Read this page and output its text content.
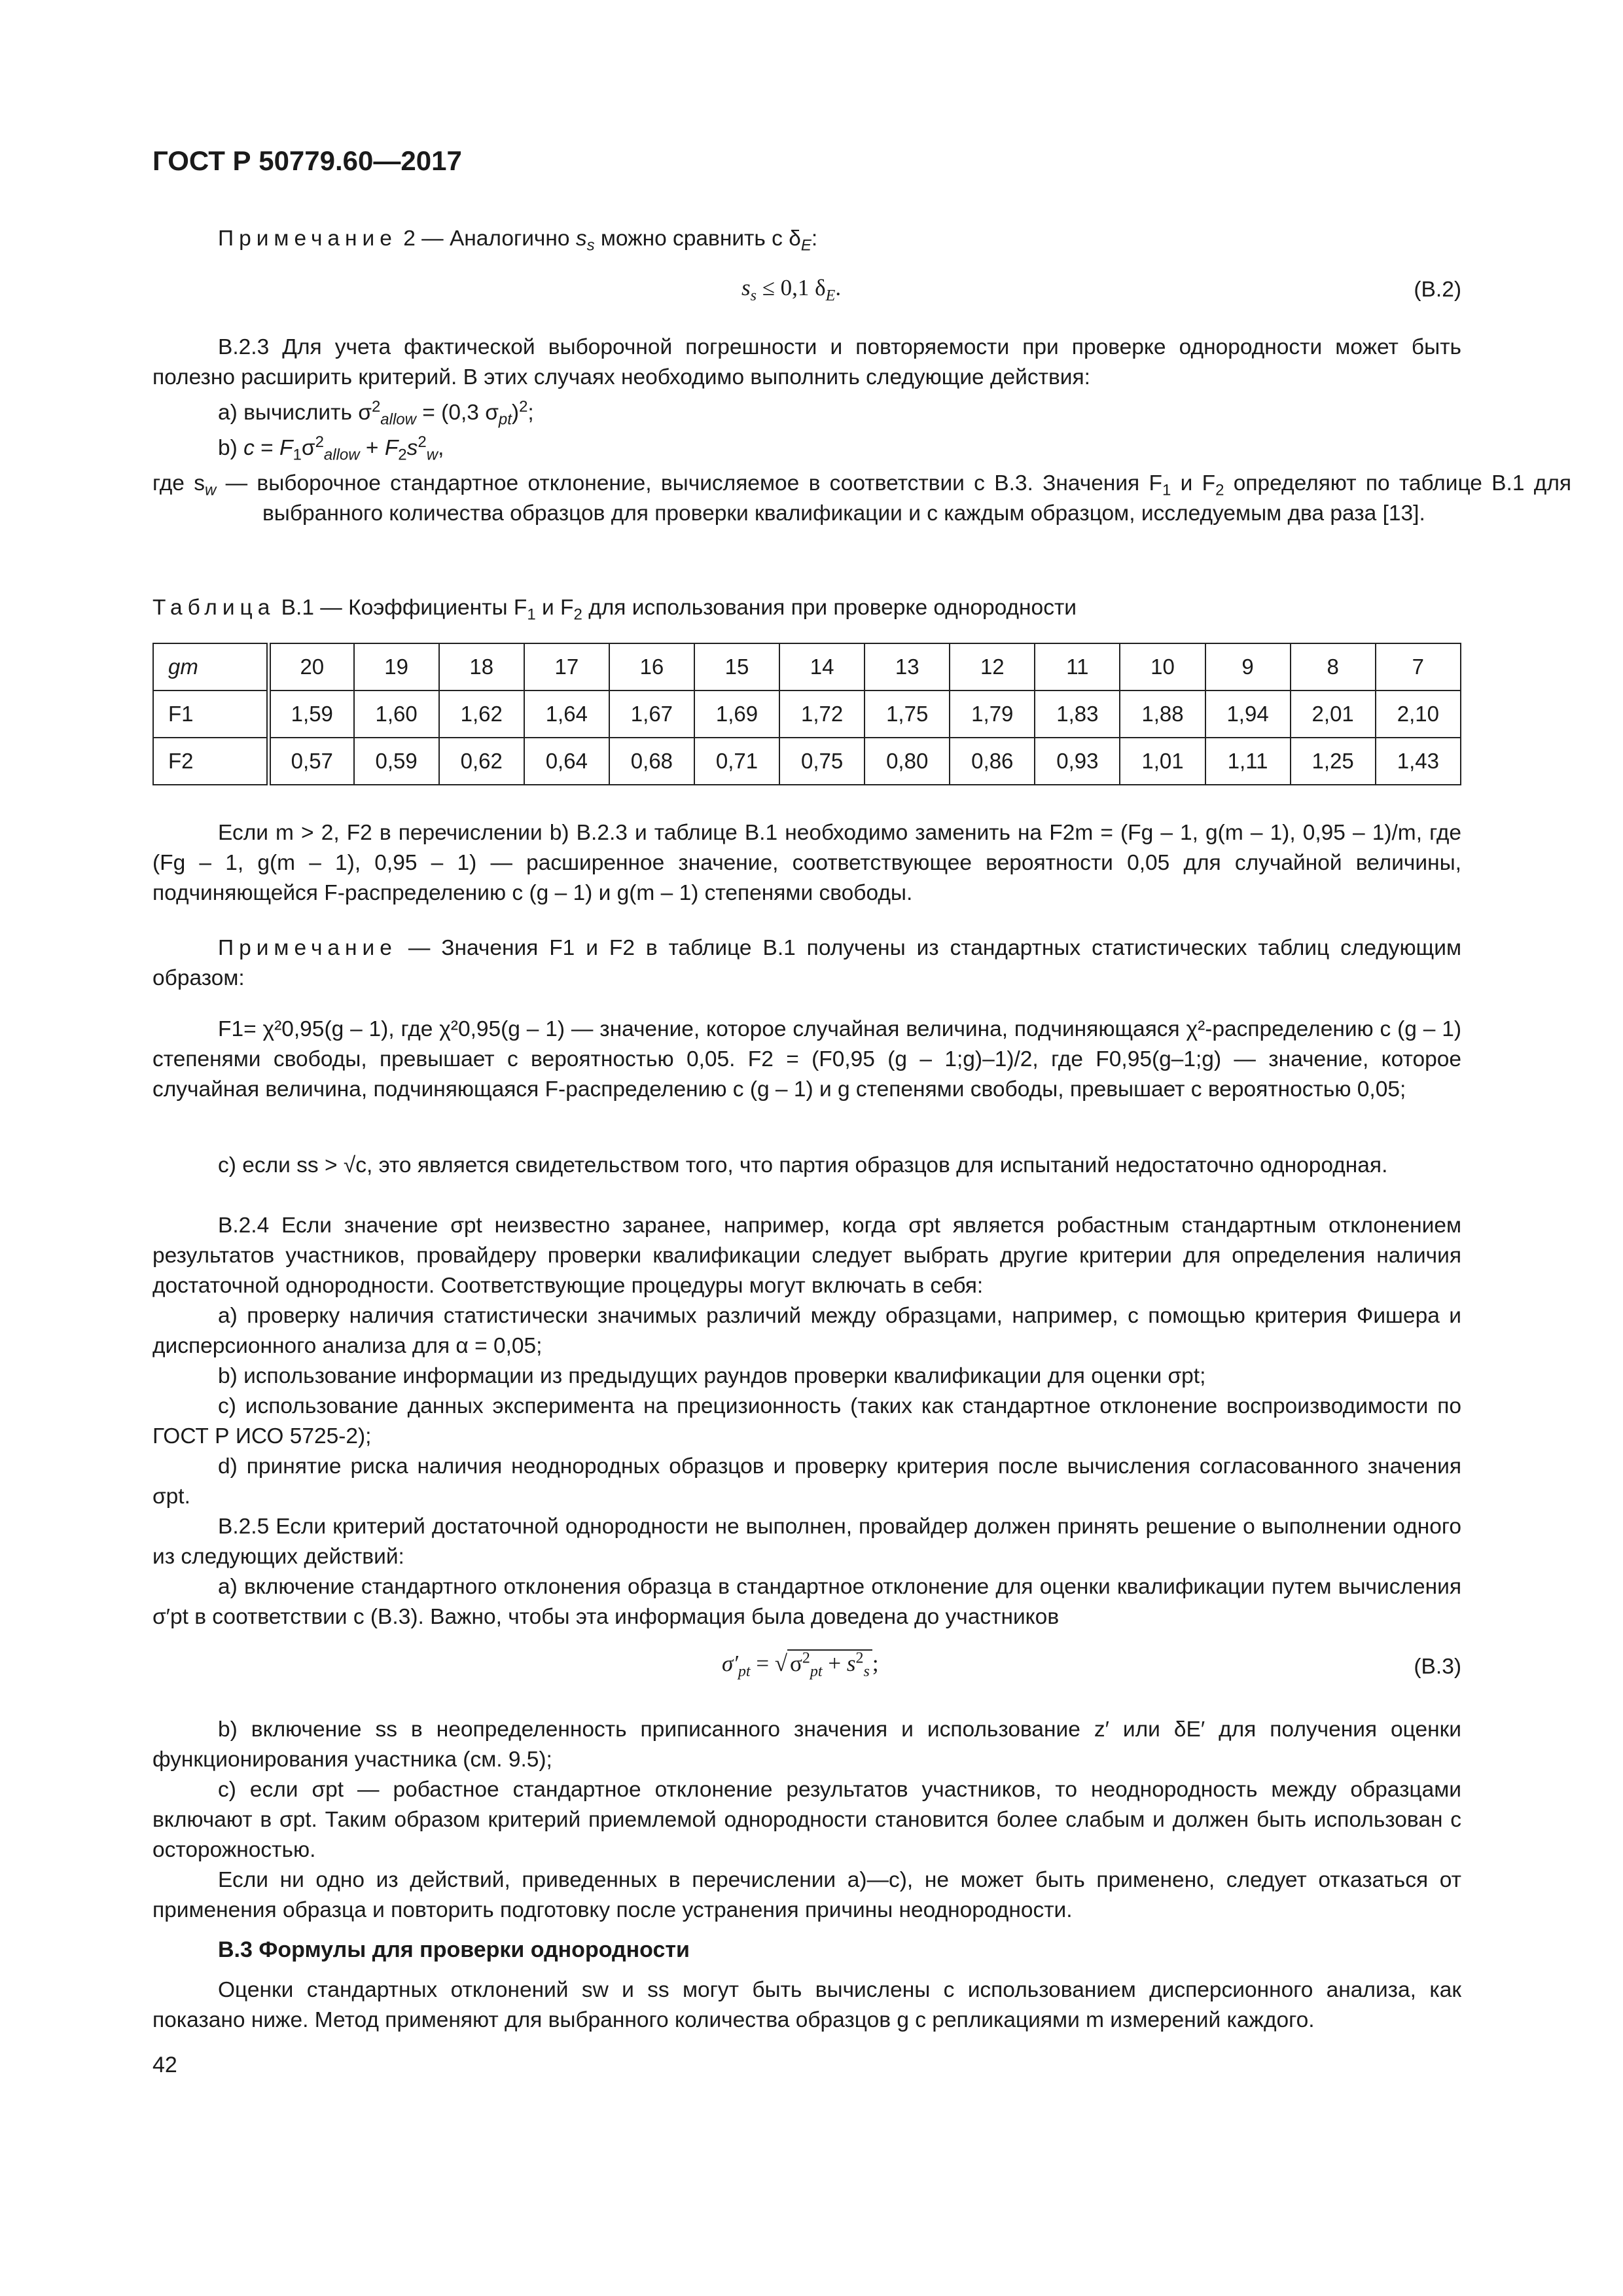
ГОСТ Р 50779.60—2017

Примечание 2 — Аналогично $s_s$ можно сравнить с $\delta_E$:

$s_s \le 0,1$ $\delta_E$.	(В.2)

В.2.3 Для учета фактической выборочной погрешности и повторяемости при проверке однородности может быть полезно расширить критерий. В этих случаях необходимо выполнить следующие действия:

a) вычислить $\sigma^2_{allow} = (0,3$ $\sigma_{pt})^2$;

b) $c = F_1\sigma^2_{allow} + F_2s^2_w$,

где $s_w$ — выборочное стандартное отклонение, вычисляемое в соответствии с В.3. Значения $F_1$ и $F_2$ определяют по таблице В.1 для выбранного количества образцов для проверки квалификации и с каждым образцом, исследуемым два раза [13].

Таблица В.1 — Коэффициенты $F_1$ и $F_2$ для использования при проверке однородности

gm	20	19	18	17	16	15	14	13	12	11	10	9	8	7
F1	1,59	1,60	1,62	1,64	1,67	1,69	1,72	1,75	1,79	1,83	1,88	1,94	2,01	2,10
F2	0,57	0,59	0,62	0,64	0,68	0,71	0,75	0,80	0,86	0,93	1,01	1,11	1,25	1,43

Если m > 2, F2 в перечислении b) В.2.3 и таблице В.1 необходимо заменить на F2m = (Fg – 1, g(m – 1), 0,95 – 1)/m, где (Fg – 1, g(m – 1), 0,95 – 1) — расширенное значение, соответствующее вероятности 0,05 для случайной величины, подчиняющейся F-распределению с (g – 1) и g(m – 1) степенями свободы.

Примечание — Значения F1 и F2 в таблице В.1 получены из стандартных статистических таблиц следующим образом:

F1= χ²0,95(g – 1), где χ²0,95(g – 1) — значение, которое случайная величина, подчиняющаяся χ²-распределению с (g – 1) степенями свободы, превышает с вероятностью 0,05. F2 = (F0,95 (g – 1;g)–1)/2, где F0,95(g–1;g) — значение, которое случайная величина, подчиняющаяся F-распределению с (g – 1) и g степенями свободы, превышает с вероятностью 0,05;

c) если ss > √c, это является свидетельством того, что партия образцов для испытаний недостаточно однородная.

В.2.4 Если значение σpt неизвестно заранее, например, когда σpt является робастным стандартным отклонением результатов участников, провайдеру проверки квалификации следует выбрать другие критерии для определения наличия достаточной однородности. Соответствующие процедуры могут включать в себя:

a) проверку наличия статистически значимых различий между образцами, например, с помощью критерия Фишера и дисперсионного анализа для α = 0,05;

b) использование информации из предыдущих раундов проверки квалификации для оценки σpt;

c) использование данных эксперимента на прецизионность (таких как стандартное отклонение воспроизводимости по ГОСТ Р ИСО 5725-2);

d) принятие риска наличия неоднородных образцов и проверку критерия после вычисления согласованного значения σpt.

В.2.5 Если критерий достаточной однородности не выполнен, провайдер должен принять решение о выполнении одного из следующих действий:

a) включение стандартного отклонения образца в стандартное отклонение для оценки квалификации путем вычисления σ′pt в соответствии с (В.3). Важно, чтобы эта информация была доведена до участников

$\sigma'_{pt}$ = √ $\sigma^2_{pt} + s^2_s$ ;	(В.3)

b) включение ss в неопределенность приписанного значения и использование z′ или δE′ для получения оценки функционирования участника (см. 9.5);

c) если σpt — робастное стандартное отклонение результатов участников, то неоднородность между образцами включают в σpt. Таким образом критерий приемлемой однородности становится более слабым и должен быть использован с осторожностью.

Если ни одно из действий, приведенных в перечислении а)—с), не может быть применено, следует отказаться от применения образца и повторить подготовку после устранения причины неоднородности.

В.3 Формулы для проверки однородности

Оценки стандартных отклонений sw и ss могут быть вычислены с использованием дисперсионного анализа, как показано ниже. Метод применяют для выбранного количества образцов g с репликациями m измерений каждого.

42
